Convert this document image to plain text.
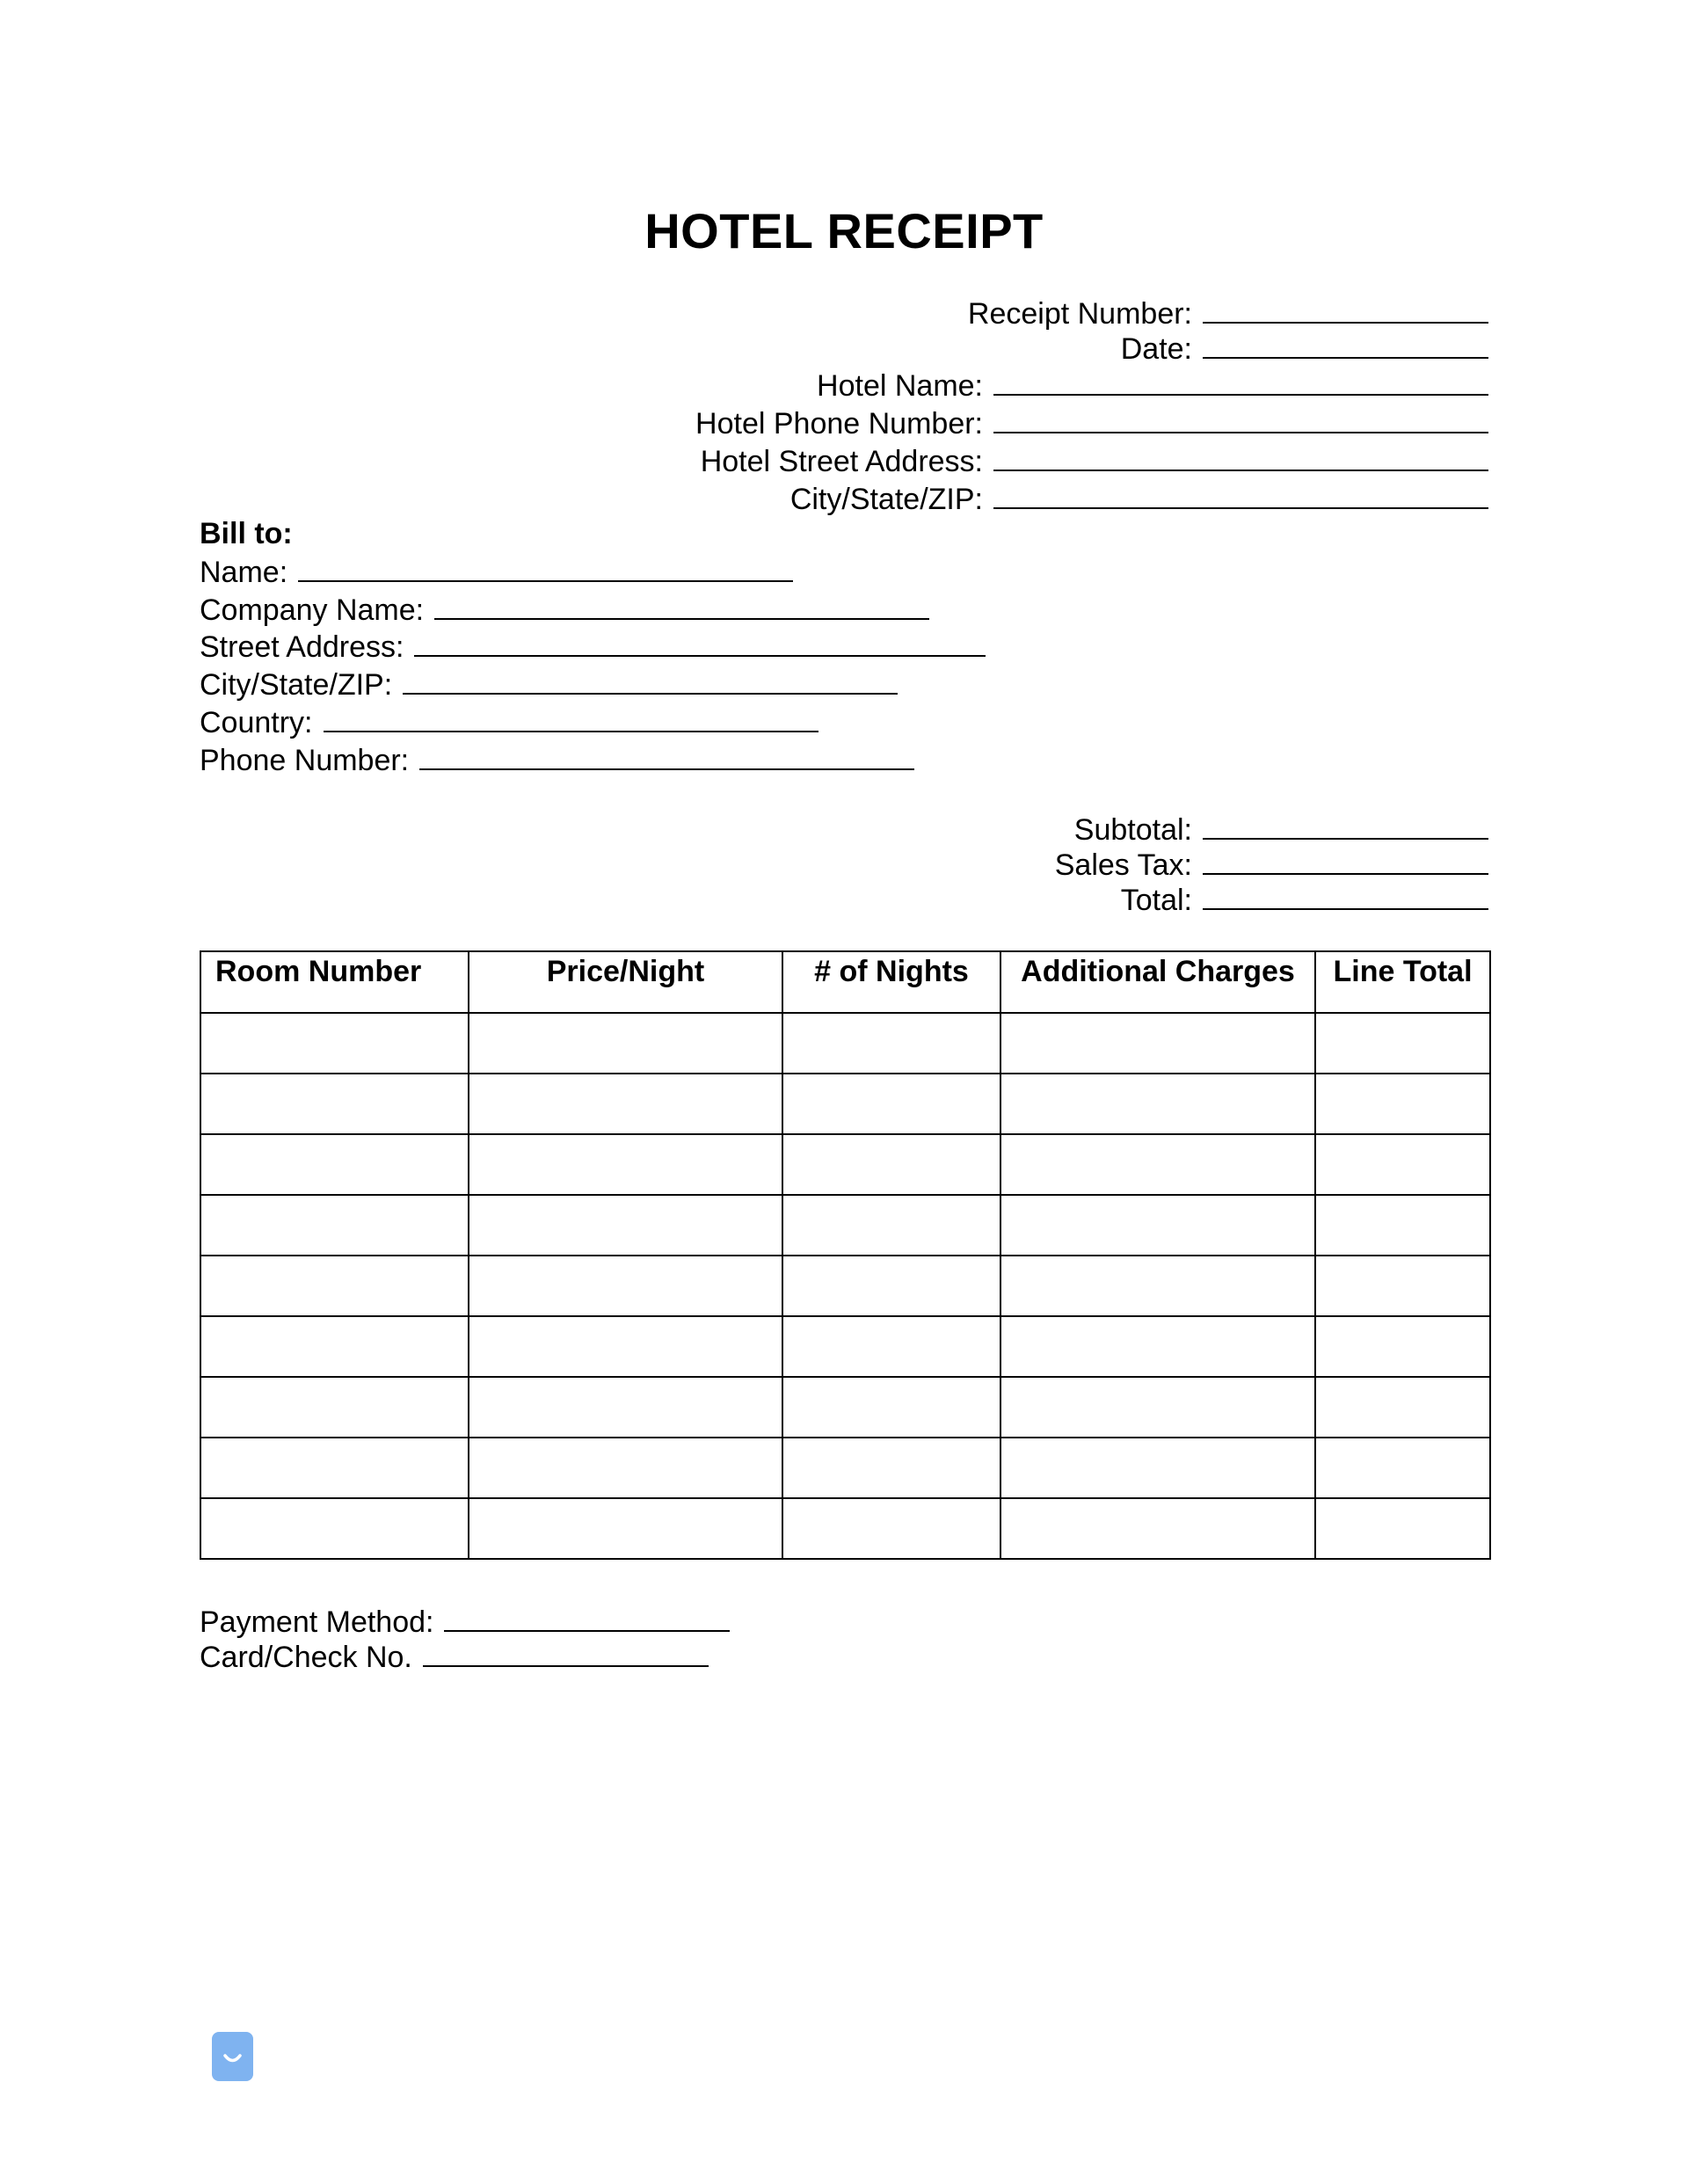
HOTEL RECEIPT
Receipt Number:
Date:
Hotel Name:
Hotel Phone Number:
Hotel Street Address:
City/State/ZIP:
Bill to:
Name:
Company Name:
Street Address:
City/State/ZIP:
Country:
Phone Number:
Subtotal:
Sales Tax:
Total:
Room Number	Price/Night	# of Nights	Additional Charges	Line Total

Payment Method:
Card/Check No.
